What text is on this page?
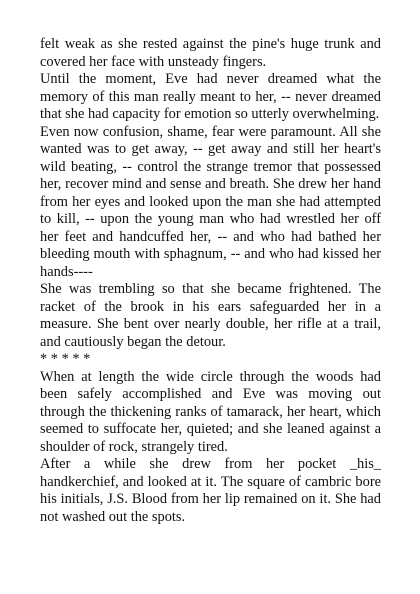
felt weak as she rested against the pine's huge trunk and covered her face with unsteady fingers.

Until the moment, Eve had never dreamed what the memory of this man really meant to her, -- never dreamed that she had capacity for emotion so utterly overwhelming.

Even now confusion, shame, fear were paramount. All she wanted was to get away, -- get away and still her heart's wild beating, -- control the strange tremor that possessed her, recover mind and sense and breath. She drew her hand from her eyes and looked upon the man she had attempted to kill, -- upon the young man who had wrestled her off her feet and handcuffed her, -- and who had bathed her bleeding mouth with sphagnum, -- and who had kissed her hands----

She was trembling so that she became frightened. The racket of the brook in his ears safeguarded her in a measure. She bent over nearly double, her rifle at a trail, and cautiously began the detour.

* * * * *

When at length the wide circle through the woods had been safely accomplished and Eve was moving out through the thickening ranks of tamarack, her heart, which seemed to suffocate her, quieted; and she leaned against a shoulder of rock, strangely tired.

After a while she drew from her pocket _his_ handkerchief, and looked at it. The square of cambric bore his initials, J.S. Blood from her lip remained on it. She had not washed out the spots.
